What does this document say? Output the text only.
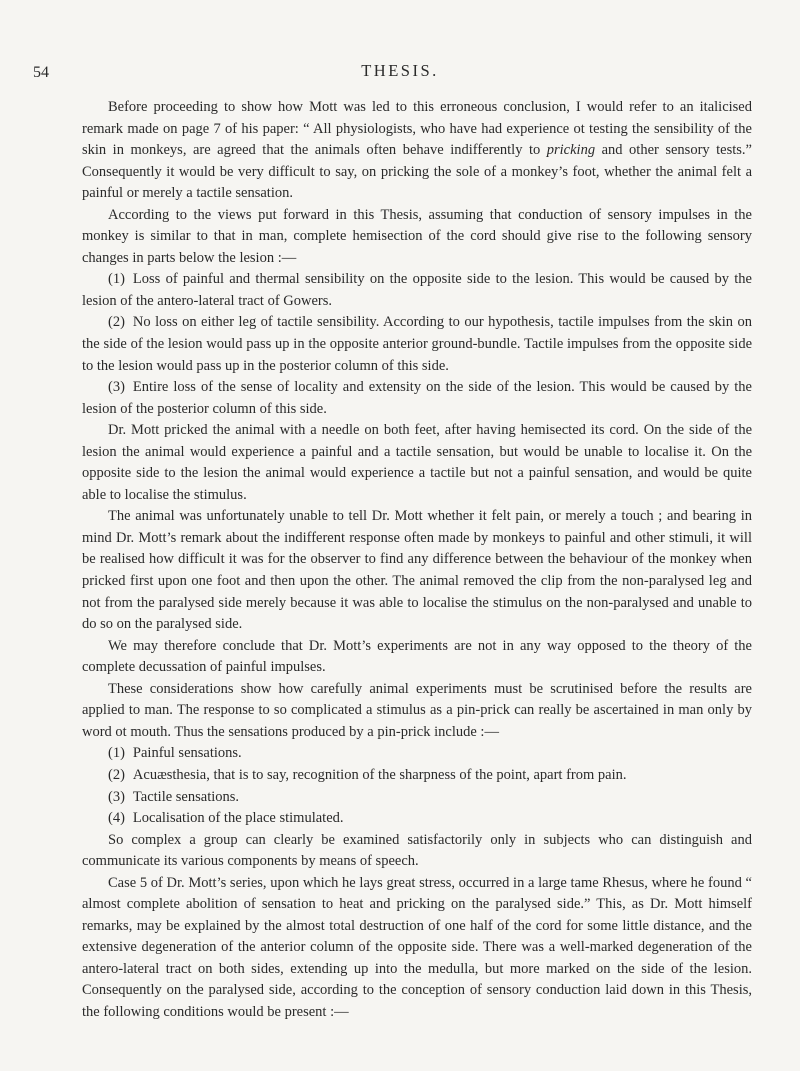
54	THESIS.

Before proceeding to show how Mott was led to this erroneous conclusion, I would refer to an italicised remark made on page 7 of his paper: “ All physiologists, who have had experience ot testing the sensibility of the skin in monkeys, are agreed that the animals often behave indifferently to pricking and other sensory tests.” Consequently it would be very difficult to say, on pricking the sole of a monkey’s foot, whether the animal felt a painful or merely a tactile sensation.

According to the views put forward in this Thesis, assuming that conduction of sensory impulses in the monkey is similar to that in man, complete hemisection of the cord should give rise to the following sensory changes in parts below the lesion :—

(1) Loss of painful and thermal sensibility on the opposite side to the lesion. This would be caused by the lesion of the antero-lateral tract of Gowers.

(2) No loss on either leg of tactile sensibility. According to our hypothesis, tactile impulses from the skin on the side of the lesion would pass up in the opposite anterior ground-bundle. Tactile impulses from the opposite side to the lesion would pass up in the posterior column of this side.

(3) Entire loss of the sense of locality and extensity on the side of the lesion. This would be caused by the lesion of the posterior column of this side.

Dr. Mott pricked the animal with a needle on both feet, after having hemisected its cord. On the side of the lesion the animal would experience a painful and a tactile sensation, but would be unable to localise it. On the opposite side to the lesion the animal would experience a tactile but not a painful sensation, and would be quite able to localise the stimulus.

The animal was unfortunately unable to tell Dr. Mott whether it felt pain, or merely a touch ; and bearing in mind Dr. Mott’s remark about the indifferent response often made by monkeys to painful and other stimuli, it will be realised how difficult it was for the observer to find any difference between the behaviour of the monkey when pricked first upon one foot and then upon the other. The animal removed the clip from the non-paralysed leg and not from the paralysed side merely because it was able to localise the stimulus on the non-paralysed and unable to do so on the paralysed side.

We may therefore conclude that Dr. Mott’s experiments are not in any way opposed to the theory of the complete decussation of painful impulses.

These considerations show how carefully animal experiments must be scrutinised before the results are applied to man. The response to so complicated a stimulus as a pin-prick can really be ascertained in man only by word ot mouth. Thus the sensations produced by a pin-prick include :—

(1) Painful sensations.

(2) Acuæsthesia, that is to say, recognition of the sharpness of the point, apart from pain.

(3) Tactile sensations.

(4) Localisation of the place stimulated.

So complex a group can clearly be examined satisfactorily only in subjects who can distinguish and communicate its various components by means of speech.

Case 5 of Dr. Mott’s series, upon which he lays great stress, occurred in a large tame Rhesus, where he found “ almost complete abolition of sensation to heat and pricking on the paralysed side.” This, as Dr. Mott himself remarks, may be explained by the almost total destruction of one half of the cord for some little distance, and the extensive degeneration of the anterior column of the opposite side. There was a well-marked degeneration of the antero-lateral tract on both sides, extending up into the medulla, but more marked on the side of the lesion. Consequently on the paralysed side, according to the conception of sensory conduction laid down in this Thesis, the following conditions would be present :—
